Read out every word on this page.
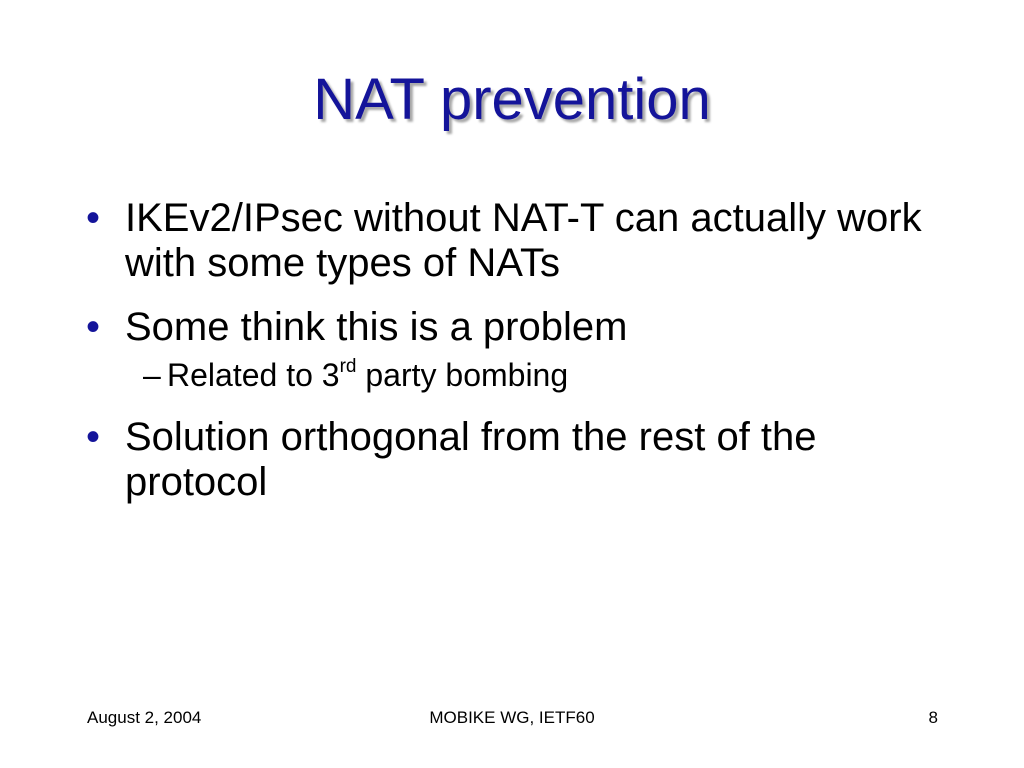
NAT prevention
• IKEv2/IPsec without NAT-T can actually work with some types of NATs
• Some think this is a problem
– Related to 3rd party bombing
• Solution orthogonal from the rest of the protocol
August 2, 2004	MOBIKE WG, IETF60	8
